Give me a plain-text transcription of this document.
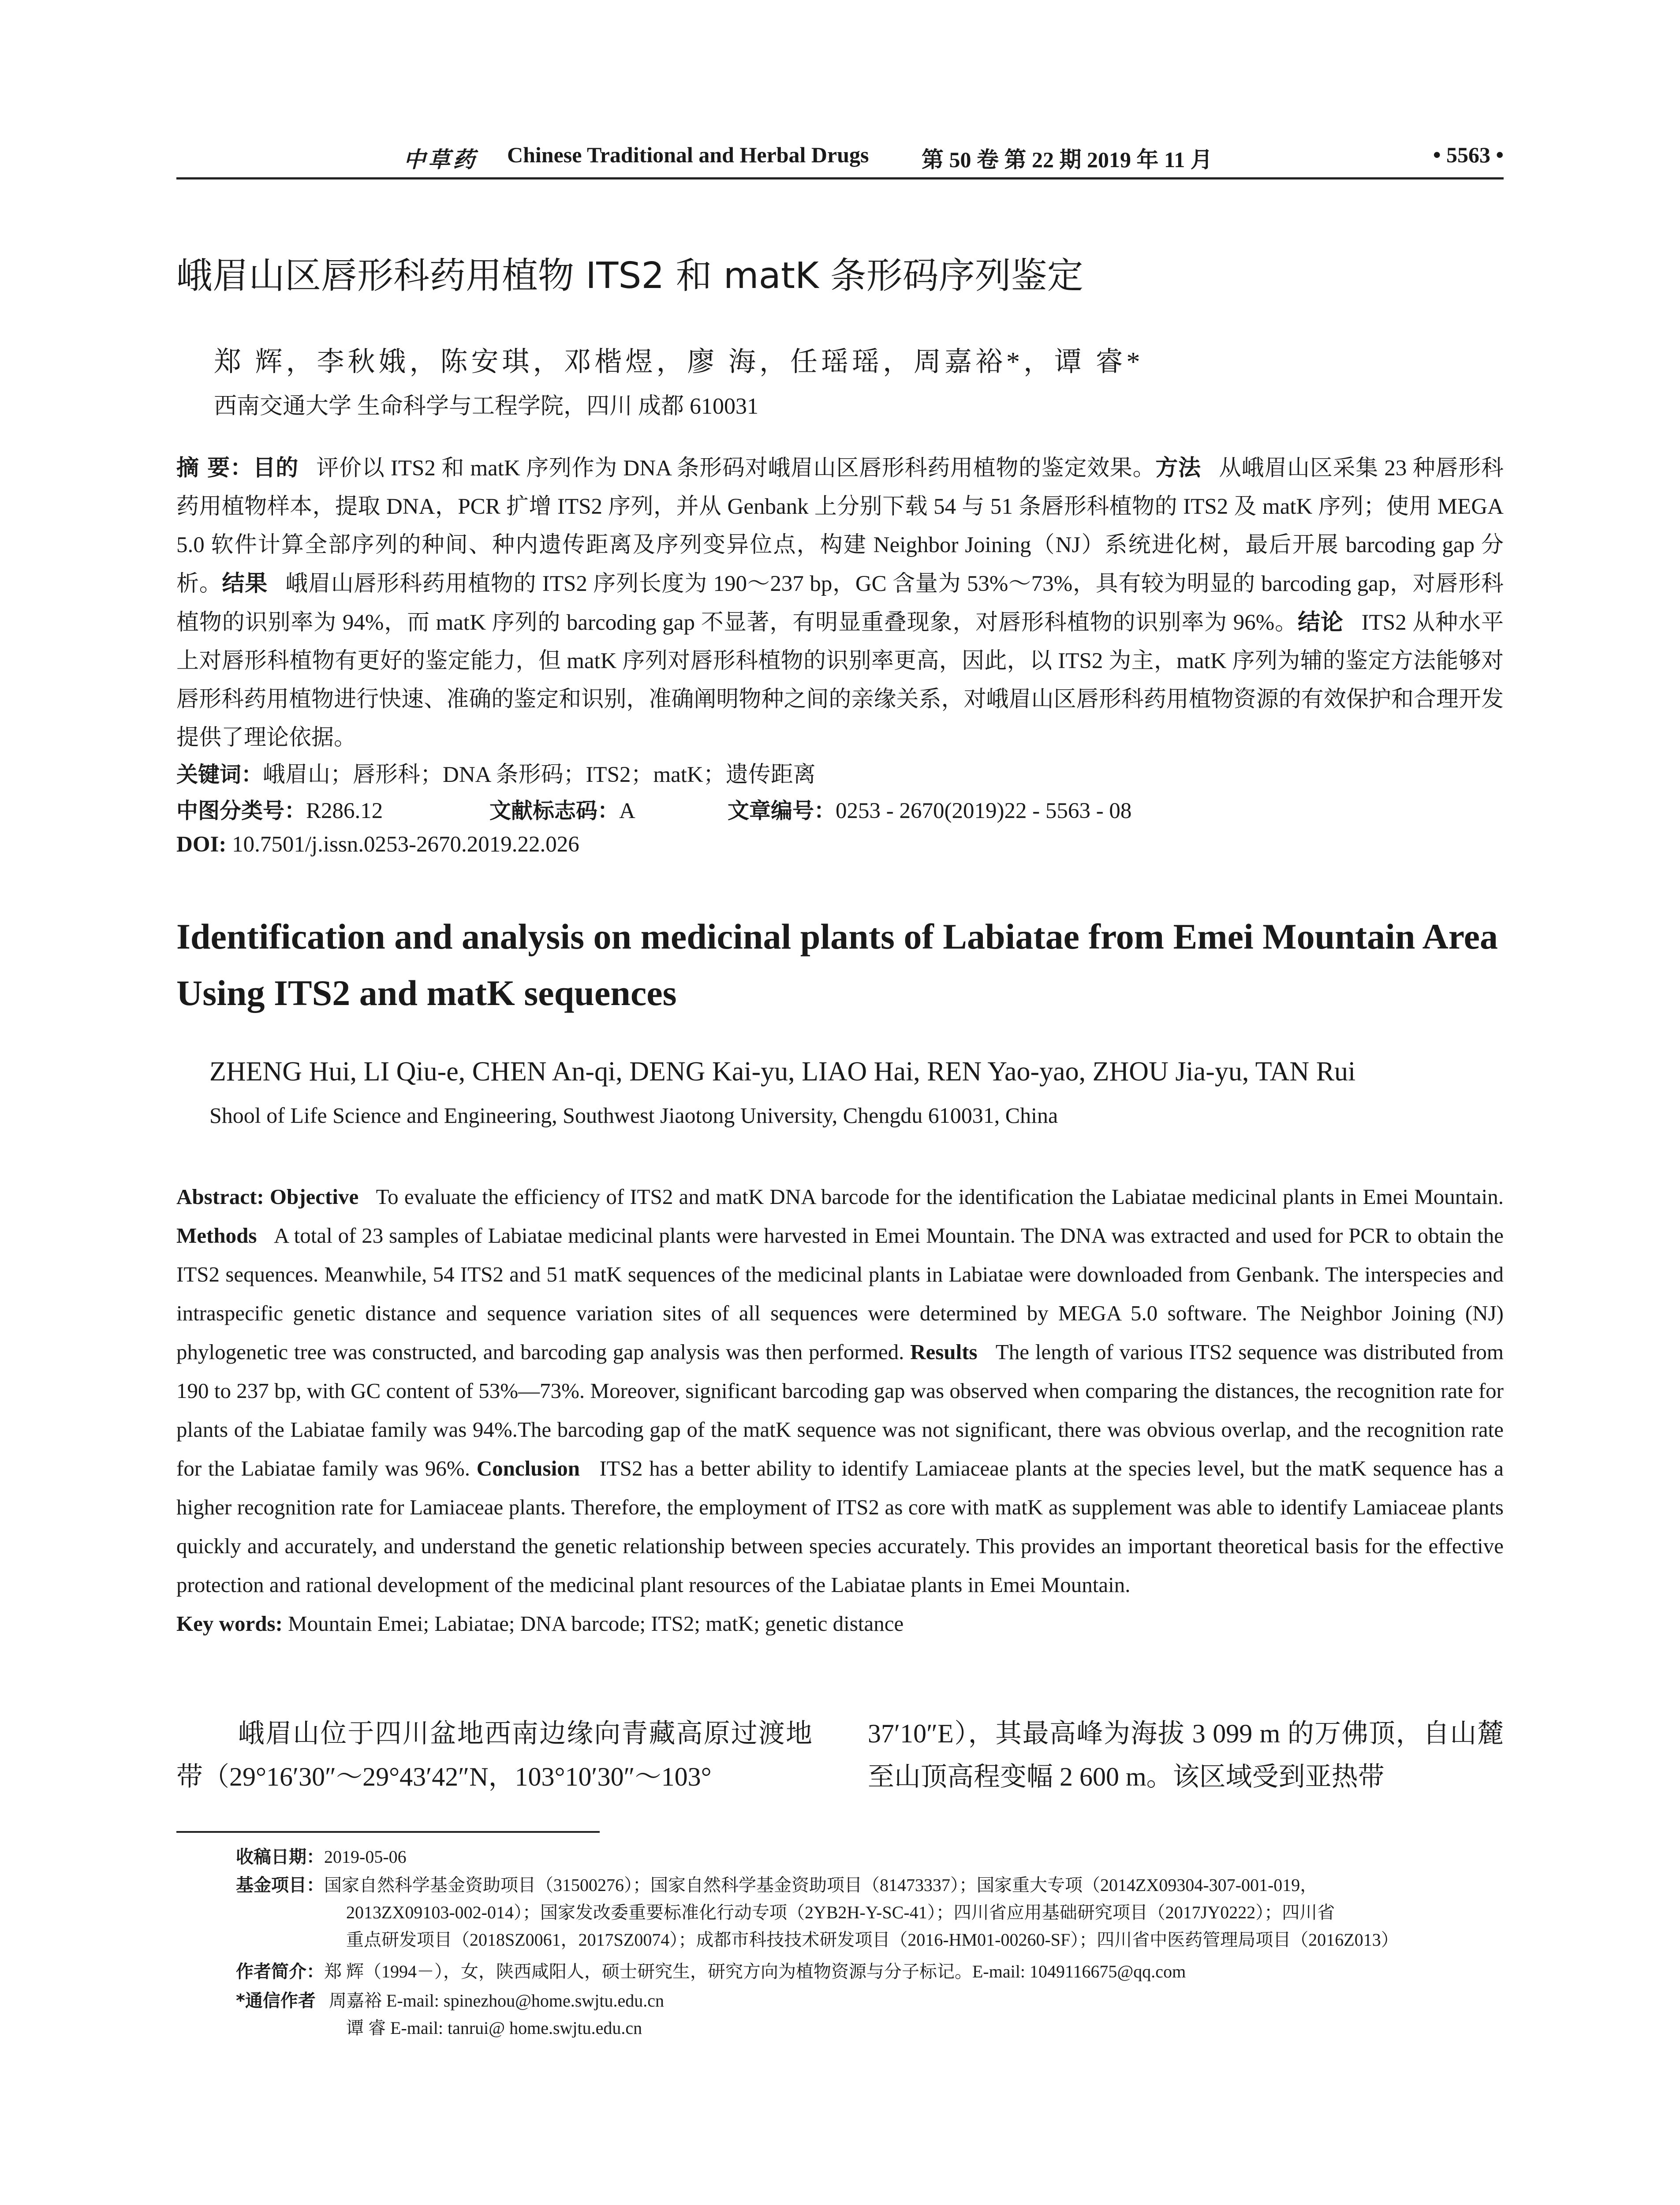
中草药 Chinese Traditional and Herbal Drugs 第 50 卷 第 22 期 2019 年 11 月	• 5563 •
峨眉山区唇形科药用植物 ITS2 和 matK 条形码序列鉴定
郑 辉，李秋娥，陈安琪，邓楷煜，廖 海，任瑶瑶，周嘉裕*，谭 睿*
西南交通大学 生命科学与工程学院，四川 成都 610031
摘 要：目的 评价以 ITS2 和 matK 序列作为 DNA 条形码对峨眉山区唇形科药用植物的鉴定效果。方法 从峨眉山区采集 23 种唇形科药用植物样本，提取 DNA，PCR 扩增 ITS2 序列，并从 Genbank 上分别下载 54 与 51 条唇形科植物的 ITS2 及 matK 序列；使用 MEGA 5.0 软件计算全部序列的种间、种内遗传距离及序列变异位点，构建 Neighbor Joining（NJ）系统进化树，最后开展 barcoding gap 分析。结果 峨眉山唇形科药用植物的 ITS2 序列长度为 190～237 bp，GC 含量为 53%～73%，具有较为明显的 barcoding gap，对唇形科植物的识别率为 94%，而 matK 序列的 barcoding gap 不显著，有明显重叠现象，对唇形科植物的识别率为 96%。结论 ITS2 从种水平上对唇形科植物有更好的鉴定能力，但 matK 序列对唇形科植物的识别率更高，因此，以 ITS2 为主，matK 序列为辅的鉴定方法能够对唇形科药用植物进行快速、准确的鉴定和识别，准确阐明物种之间的亲缘关系，对峨眉山区唇形科药用植物资源的有效保护和合理开发提供了理论依据。
关键词：峨眉山；唇形科；DNA 条形码；ITS2；matK；遗传距离
中图分类号：R286.12	文献标志码：A	文章编号：0253 - 2670(2019)22 - 5563 - 08
DOI: 10.7501/j.issn.0253-2670.2019.22.026
Identification and analysis on medicinal plants of Labiatae from Emei Mountain Area Using ITS2 and matK sequences
ZHENG Hui, LI Qiu-e, CHEN An-qi, DENG Kai-yu, LIAO Hai, REN Yao-yao, ZHOU Jia-yu, TAN Rui
Shool of Life Science and Engineering, Southwest Jiaotong University, Chengdu 610031, China
Abstract: Objective To evaluate the efficiency of ITS2 and matK DNA barcode for the identification the Labiatae medicinal plants in Emei Mountain. Methods A total of 23 samples of Labiatae medicinal plants were harvested in Emei Mountain. The DNA was extracted and used for PCR to obtain the ITS2 sequences. Meanwhile, 54 ITS2 and 51 matK sequences of the medicinal plants in Labiatae were downloaded from Genbank. The interspecies and intraspecific genetic distance and sequence variation sites of all sequences were determined by MEGA 5.0 software. The Neighbor Joining (NJ) phylogenetic tree was constructed, and barcoding gap analysis was then performed. Results The length of various ITS2 sequence was distributed from 190 to 237 bp, with GC content of 53%—73%. Moreover, significant barcoding gap was observed when comparing the distances, the recognition rate for plants of the Labiatae family was 94%.The barcoding gap of the matK sequence was not significant, there was obvious overlap, and the recognition rate for the Labiatae family was 96%. Conclusion ITS2 has a better ability to identify Lamiaceae plants at the species level, but the matK sequence has a higher recognition rate for Lamiaceae plants. Therefore, the employment of ITS2 as core with matK as supplement was able to identify Lamiaceae plants quickly and accurately, and understand the genetic relationship between species accurately. This provides an important theoretical basis for the effective protection and rational development of the medicinal plant resources of the Labiatae plants in Emei Mountain.
Key words: Mountain Emei; Labiatae; DNA barcode; ITS2; matK; genetic distance
峨眉山位于四川盆地西南边缘向青藏高原过渡地带（29°16′30″～29°43′42″N，103°10′30″～103°
37′10″E），其最高峰为海拔 3 099 m 的万佛顶，自山麓至山顶高程变幅 2 600 m。该区域受到亚热带
收稿日期：2019-05-06
基金项目：国家自然科学基金资助项目（31500276）；国家自然科学基金资助项目（81473337）；国家重大专项（2014ZX09304-307-001-019，
2013ZX09103-002-014）；国家发改委重要标准化行动专项（2YB2H-Y-SC-41）；四川省应用基础研究项目（2017JY0222）；四川省
重点研发项目（2018SZ0061，2017SZ0074）；成都市科技技术研发项目（2016-HM01-00260-SF）；四川省中医药管理局项目（2016Z013）
作者简介：郑 辉（1994－），女，陕西咸阳人，硕士研究生，研究方向为植物资源与分子标记。E-mail: 1049116675@qq.com
*通信作者 周嘉裕 E-mail: spinezhou@home.swjtu.edu.cn
谭 睿 E-mail: tanrui@ home.swjtu.edu.cn
